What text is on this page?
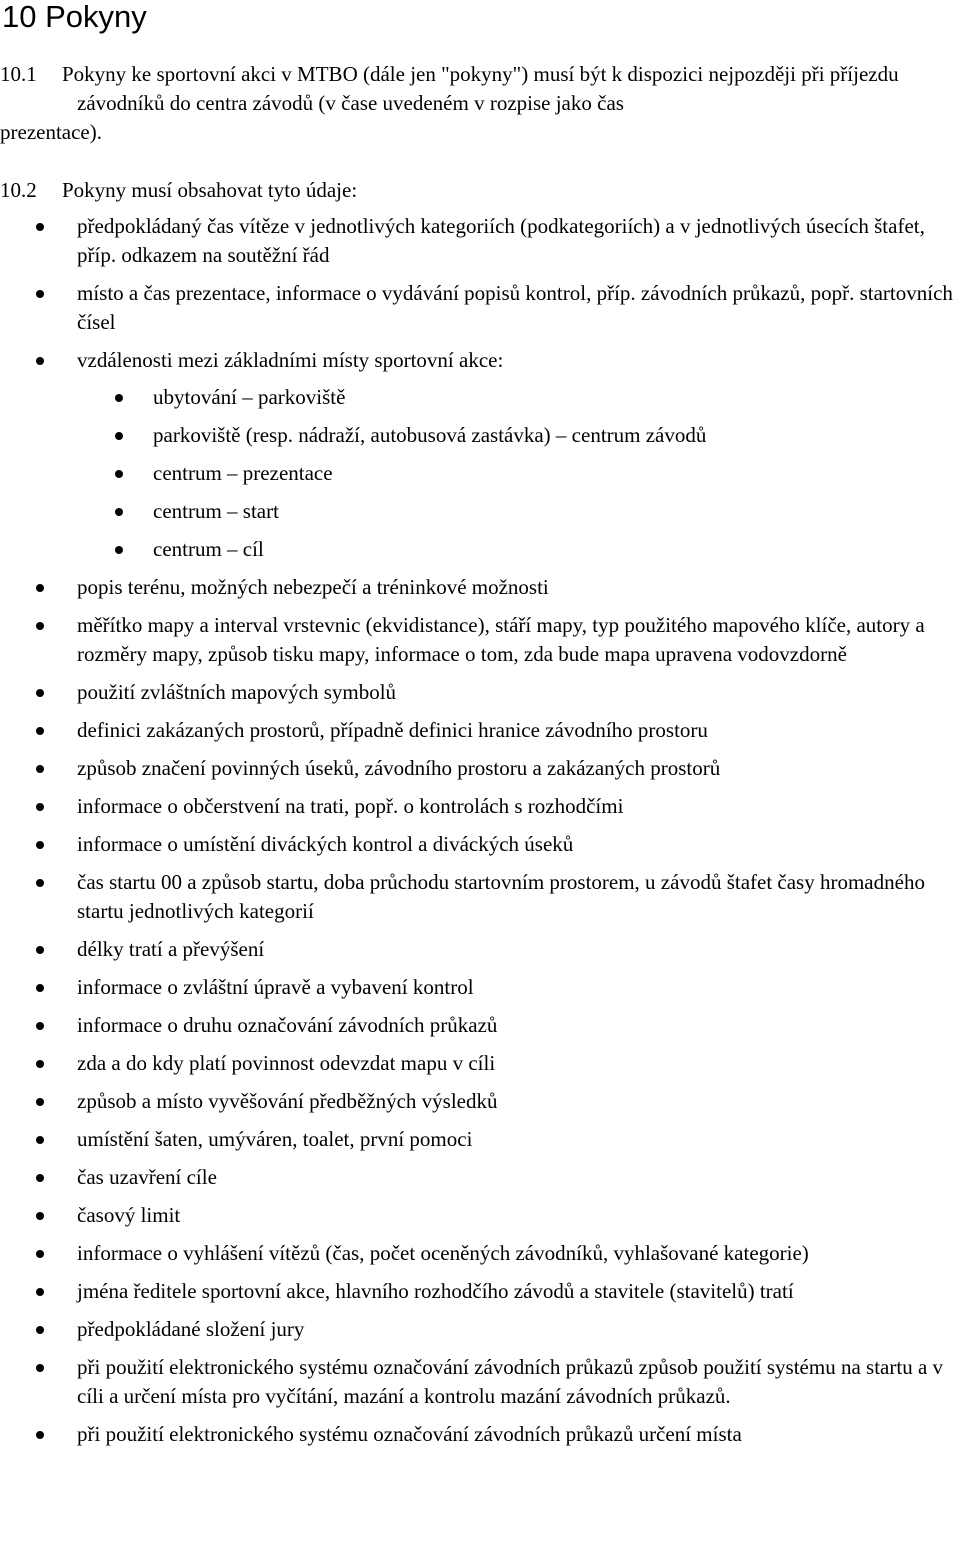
10 Pokyny
10.1 Pokyny ke sportovní akci v MTBO (dále jen "pokyny") musí být k dispozici nejpozději při příjezdu závodníků do centra závodů (v čase uvedeném v rozpise jako čas
prezentace).
10.2 Pokyny musí obsahovat tyto údaje:
předpokládaný čas vítěze v jednotlivých kategoriích (podkategoriích) a v jednotlivých úsecích štafet, příp. odkazem na soutěžní řád
místo a čas prezentace, informace o vydávání popisů kontrol, příp. závodních průkazů, popř. startovních čísel
vzdálenosti mezi základními místy sportovní akce:
ubytování – parkoviště
parkoviště (resp. nádraží, autobusová zastávka) – centrum závodů
centrum – prezentace
centrum – start
centrum – cíl
popis terénu, možných nebezpečí a tréninkové možnosti
měřítko mapy a interval vrstevnic (ekvidistance), stáří mapy, typ použitého mapového klíče, autory a rozměry mapy, způsob tisku mapy, informace o tom, zda bude mapa upravena vodovzdorně
použití zvláštních mapových symbolů
definici zakázaných prostorů, případně definici hranice závodního prostoru
způsob značení povinných úseků, závodního prostoru a zakázaných prostorů
informace o občerstvení na trati, popř. o kontrolách s rozhodčími
informace o umístění diváckých kontrol a diváckých úseků
čas startu 00 a způsob startu, doba průchodu startovním prostorem, u závodů štafet časy hromadného startu jednotlivých kategorií
délky tratí a převýšení
informace o zvláštní úpravě a vybavení kontrol
informace o druhu označování závodních průkazů
zda a do kdy platí povinnost odevzdat mapu v cíli
způsob a místo vyvěšování předběžných výsledků
umístění šaten, umýváren, toalet, první pomoci
čas uzavření cíle
časový limit
informace o vyhlášení vítězů (čas, počet oceněných závodníků, vyhlašované kategorie)
jména ředitele sportovní akce, hlavního rozhodčího závodů a stavitele (stavitelů) tratí
předpokládané složení jury
při použití elektronického systému označování závodních průkazů způsob použití systému na startu a v cíli a určení místa pro vyčítání, mazání a kontrolu mazání závodních průkazů.
při použití elektronického systému označování závodních průkazů určení místa
